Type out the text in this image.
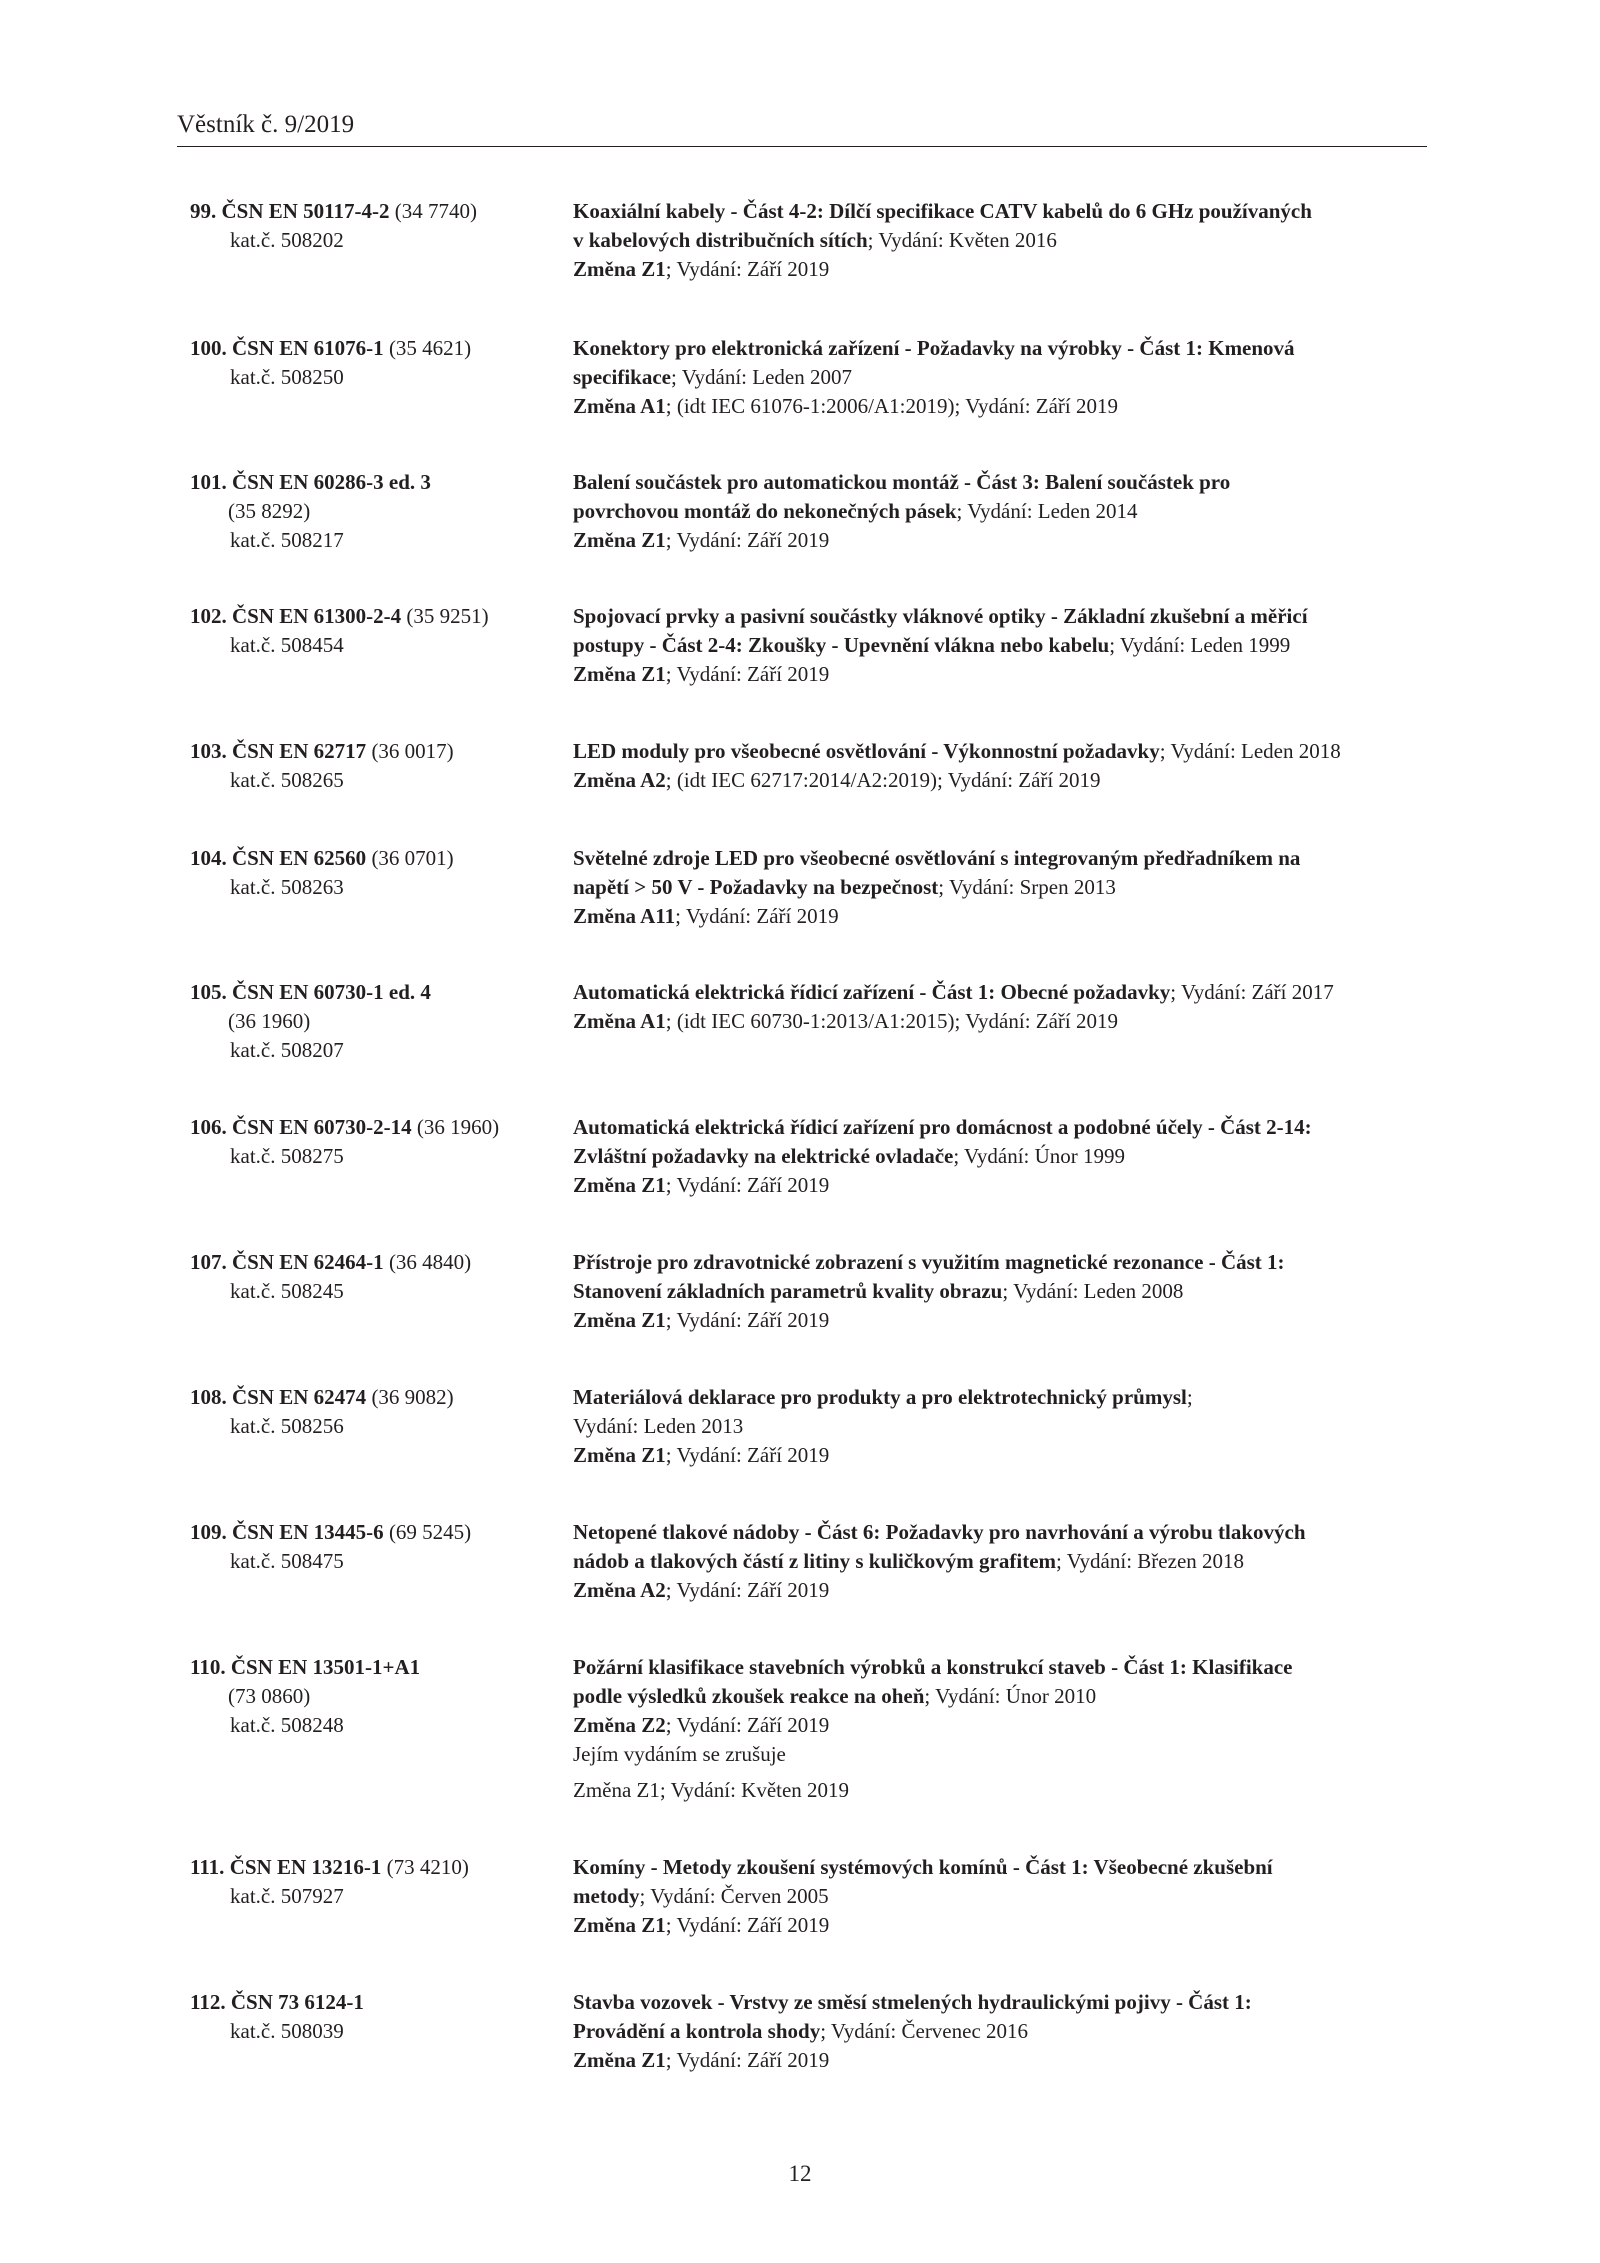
Věstník č. 9/2019
99. ČSN EN 50117-4-2 (34 7740)
kat.č. 508202
Koaxiální kabely - Část 4-2: Dílčí specifikace CATV kabelů do 6 GHz používaných
v kabelových distribučních sítích; Vydání: Květen 2016
Změna Z1; Vydání: Září 2019
100. ČSN EN 61076-1 (35 4621)
kat.č. 508250
Konektory pro elektronická zařízení - Požadavky na výrobky - Část 1: Kmenová
specifikace; Vydání: Leden 2007
Změna A1; (idt IEC 61076-1:2006/A1:2019); Vydání: Září 2019
101. ČSN EN 60286-3 ed. 3
(35 8292)
kat.č. 508217
Balení součástek pro automatickou montáž - Část 3: Balení součástek pro
povrchovou montáž do nekonečných pásek; Vydání: Leden 2014
Změna Z1; Vydání: Září 2019
102. ČSN EN 61300-2-4 (35 9251)
kat.č. 508454
Spojovací prvky a pasivní součástky vláknové optiky - Základní zkušební a měřicí
postupy - Část 2-4: Zkoušky - Upevnění vlákna nebo kabelu; Vydání: Leden 1999
Změna Z1; Vydání: Září 2019
103. ČSN EN 62717 (36 0017)
kat.č. 508265
LED moduly pro všeobecné osvětlování - Výkonnostní požadavky; Vydání: Leden 2018
Změna A2; (idt IEC 62717:2014/A2:2019); Vydání: Září 2019
104. ČSN EN 62560 (36 0701)
kat.č. 508263
Světelné zdroje LED pro všeobecné osvětlování s integrovaným předřadníkem na
napětí > 50 V - Požadavky na bezpečnost; Vydání: Srpen 2013
Změna A11; Vydání: Září 2019
105. ČSN EN 60730-1 ed. 4
(36 1960)
kat.č. 508207
Automatická elektrická řídicí zařízení - Část 1: Obecné požadavky; Vydání: Září 2017
Změna A1; (idt IEC 60730-1:2013/A1:2015); Vydání: Září 2019
106. ČSN EN 60730-2-14 (36 1960)
kat.č. 508275
Automatická elektrická řídicí zařízení pro domácnost a podobné účely - Část 2-14:
Zvláštní požadavky na elektrické ovladače; Vydání: Únor 1999
Změna Z1; Vydání: Září 2019
107. ČSN EN 62464-1 (36 4840)
kat.č. 508245
Přístroje pro zdravotnické zobrazení s využitím magnetické rezonance - Část 1:
Stanovení základních parametrů kvality obrazu; Vydání: Leden 2008
Změna Z1; Vydání: Září 2019
108. ČSN EN 62474 (36 9082)
kat.č. 508256
Materiálová deklarace pro produkty a pro elektrotechnický průmysl;
Vydání: Leden 2013
Změna Z1; Vydání: Září 2019
109. ČSN EN 13445-6 (69 5245)
kat.č. 508475
Netopené tlakové nádoby - Část 6: Požadavky pro navrhování a výrobu tlakových
nádob a tlakových částí z litiny s kuličkovým grafitem; Vydání: Březen 2018
Změna A2; Vydání: Září 2019
110. ČSN EN 13501-1+A1
(73 0860)
kat.č. 508248
Požární klasifikace stavebních výrobků a konstrukcí staveb - Část 1: Klasifikace
podle výsledků zkoušek reakce na oheň; Vydání: Únor 2010
Změna Z2; Vydání: Září 2019
Jejím vydáním se zrušuje
Změna Z1; Vydání: Květen 2019
111. ČSN EN 13216-1 (73 4210)
kat.č. 507927
Komíny - Metody zkoušení systémových komínů - Část 1: Všeobecné zkušební
metody; Vydání: Červen 2005
Změna Z1; Vydání: Září 2019
112. ČSN 73 6124-1
kat.č. 508039
Stavba vozovek - Vrstvy ze směsí stmelených hydraulickými pojivy - Část 1:
Provádění a kontrola shody; Vydání: Červenec 2016
Změna Z1; Vydání: Září 2019
12
